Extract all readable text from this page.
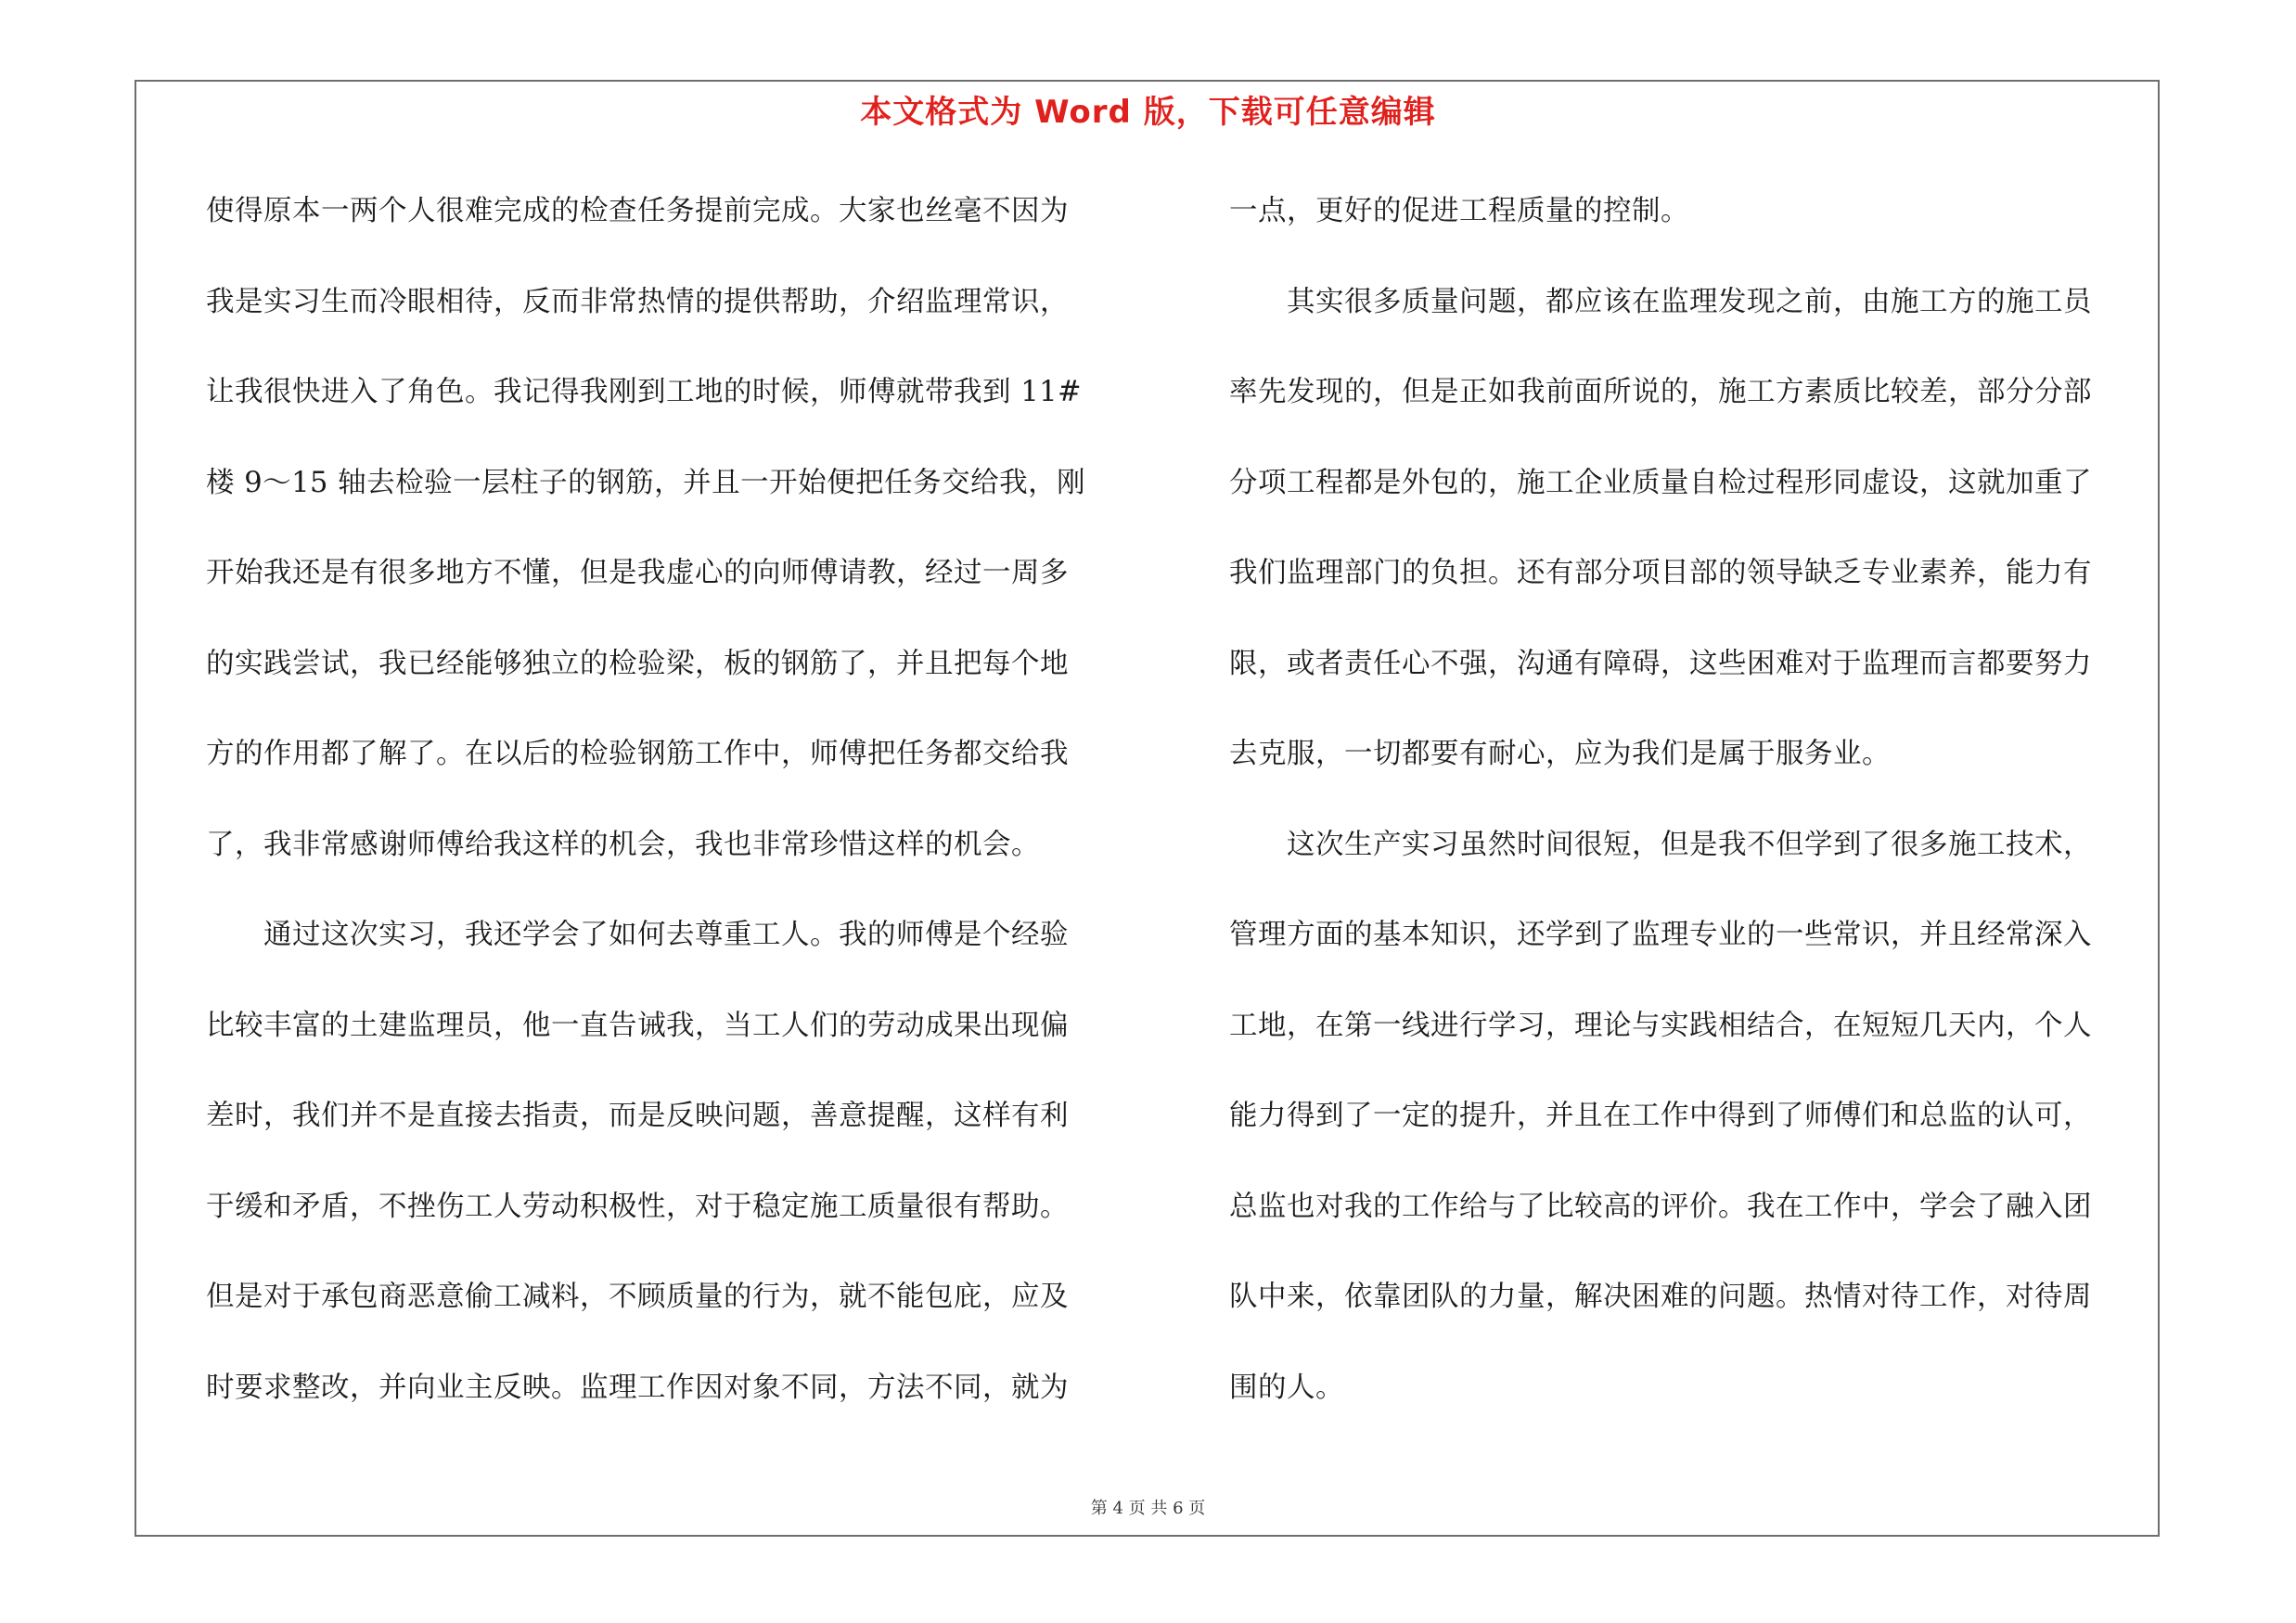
本文格式为 Word 版，下载可任意编辑
使得原本一两个人很难完成的检查任务提前完成。大家也丝毫不因为
我是实习生而冷眼相待，反而非常热情的提供帮助，介绍监理常识，
让我很快进入了角色。我记得我刚到工地的时候，师傅就带我到 11#
楼 9～15 轴去检验一层柱子的钢筋，并且一开始便把任务交给我，刚
开始我还是有很多地方不懂，但是我虚心的向师傅请教，经过一周多
的实践尝试，我已经能够独立的检验梁，板的钢筋了，并且把每个地
方的作用都了解了。在以后的检验钢筋工作中，师傅把任务都交给我
了，我非常感谢师傅给我这样的机会，我也非常珍惜这样的机会。
　　通过这次实习，我还学会了如何去尊重工人。我的师傅是个经验
比较丰富的土建监理员，他一直告诫我，当工人们的劳动成果出现偏
差时，我们并不是直接去指责，而是反映问题，善意提醒，这样有利
于缓和矛盾，不挫伤工人劳动积极性，对于稳定施工质量很有帮助。
但是对于承包商恶意偷工减料，不顾质量的行为，就不能包庇，应及
时要求整改，并向业主反映。监理工作因对象不同，方法不同，就为
一点，更好的促进工程质量的控制。
　　其实很多质量问题，都应该在监理发现之前，由施工方的施工员
率先发现的，但是正如我前面所说的，施工方素质比较差，部分分部
分项工程都是外包的，施工企业质量自检过程形同虚设，这就加重了
我们监理部门的负担。还有部分项目部的领导缺乏专业素养，能力有
限，或者责任心不强，沟通有障碍，这些困难对于监理而言都要努力
去克服，一切都要有耐心，应为我们是属于服务业。
　　这次生产实习虽然时间很短，但是我不但学到了很多施工技术，
管理方面的基本知识，还学到了监理专业的一些常识，并且经常深入
工地，在第一线进行学习，理论与实践相结合，在短短几天内，个人
能力得到了一定的提升，并且在工作中得到了师傅们和总监的认可，
总监也对我的工作给与了比较高的评价。我在工作中，学会了融入团
队中来，依靠团队的力量，解决困难的问题。热情对待工作，对待周
围的人。
第 4 页 共 6 页
